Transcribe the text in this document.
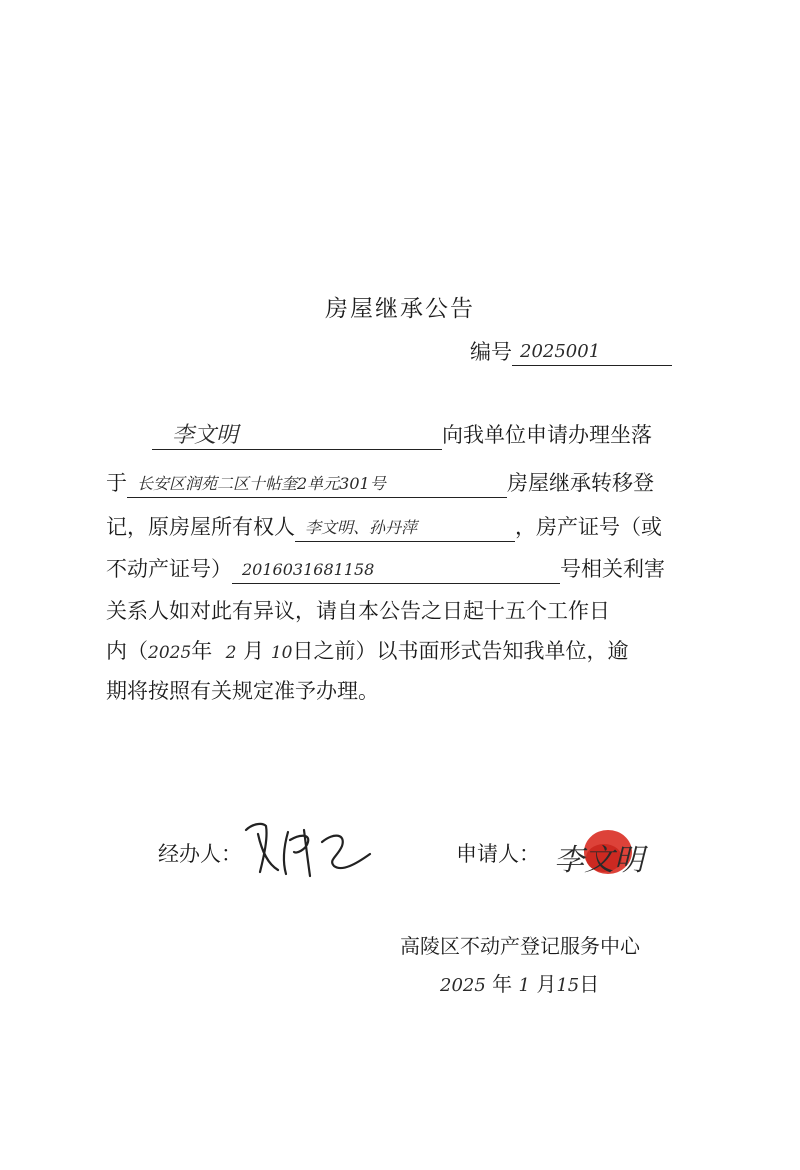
房屋继承公告
编号 2025001
李文明	向我单位申请办理坐落
于 长安区润苑二区十帖奎2单元301号	房屋继承转移登
记，原房屋所有权人 李文明、孙丹萍	，房产证号（或
不动产证号） 2016031681158	号相关利害
关系人如对此有异议，请自本公告之日起十五个工作日
内（2025年 2 月 10日之前）以书面形式告知我单位，逾
期将按照有关规定准予办理。
经办人：	申请人： 李文明
高陵区不动产登记服务中心
2025 年 1 月15日
